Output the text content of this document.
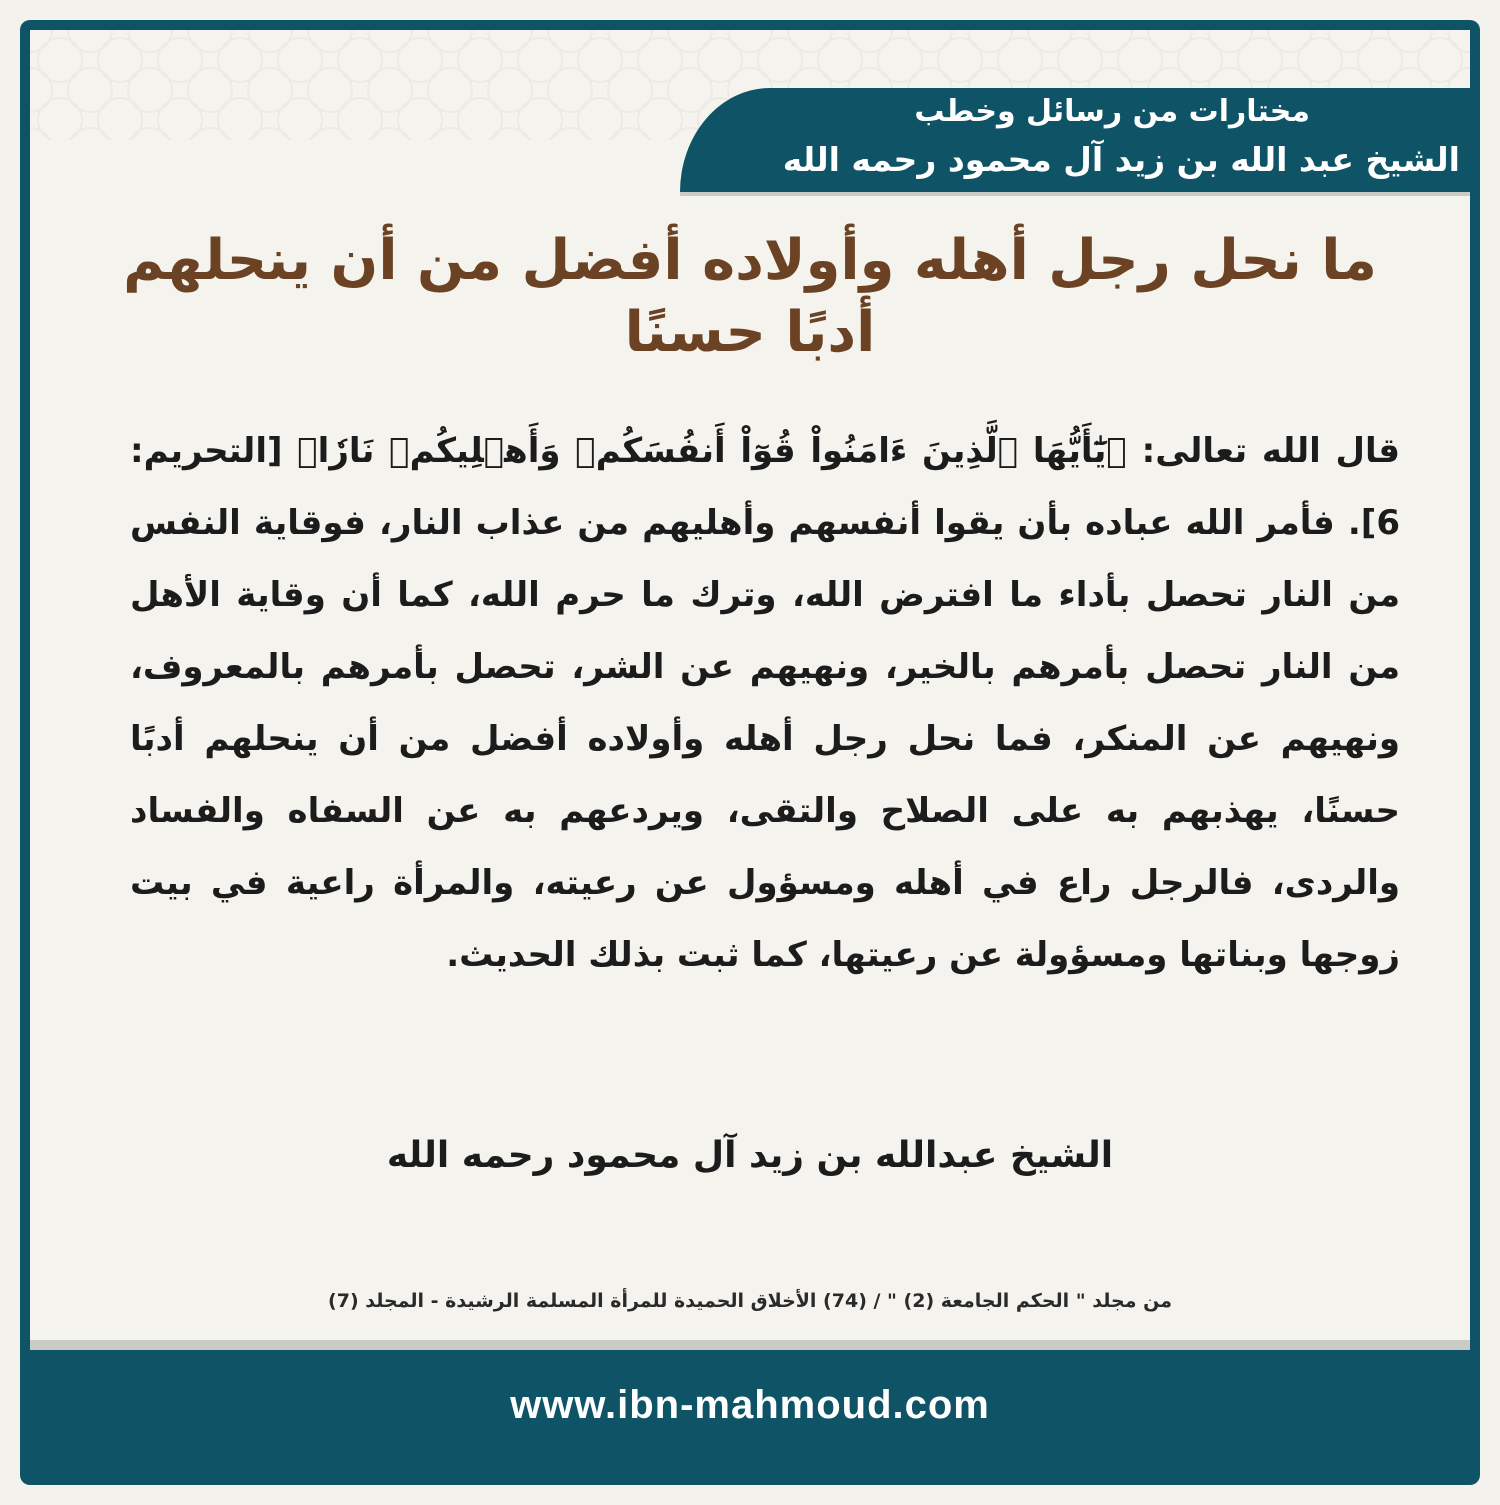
مختارات من رسائل وخطب
الشيخ عبد الله بن زيد آل محمود رحمه الله
ما نحل رجل أهله وأولاده أفضل من أن ينحلهم
أدبًا حسنًا
قال الله تعالى: ﴿يَٰٓأَيُّهَا ٱلَّذِينَ ءَامَنُواْ قُوٓاْ أَنفُسَكُمۡ وَأَهۡلِيكُمۡ نَارٗا﴾ [التحريم: 6]. فأمر الله عباده بأن يقوا أنفسهم وأهليهم من عذاب النار، فوقاية النفس من النار تحصل بأداء ما افترض الله، وترك ما حرم الله، كما أن وقاية الأهل من النار تحصل بأمرهم بالخير، ونهيهم عن الشر، تحصل بأمرهم بالمعروف، ونهيهم عن المنكر، فما نحل رجل أهله وأولاده أفضل من أن ينحلهم أدبًا حسنًا، يهذبهم به على الصلاح والتقى، ويردعهم به عن السفاه والفساد والردى، فالرجل راع في أهله ومسؤول عن رعيته، والمرأة راعية في بيت زوجها وبناتها ومسؤولة عن رعيتها، كما ثبت بذلك الحديث.
الشيخ عبدالله بن زيد آل محمود رحمه الله
من مجلد " الحكم الجامعة (2) " / (74) الأخلاق الحميدة للمرأة المسلمة الرشيدة - المجلد (7)
www.ibn-mahmoud.com
